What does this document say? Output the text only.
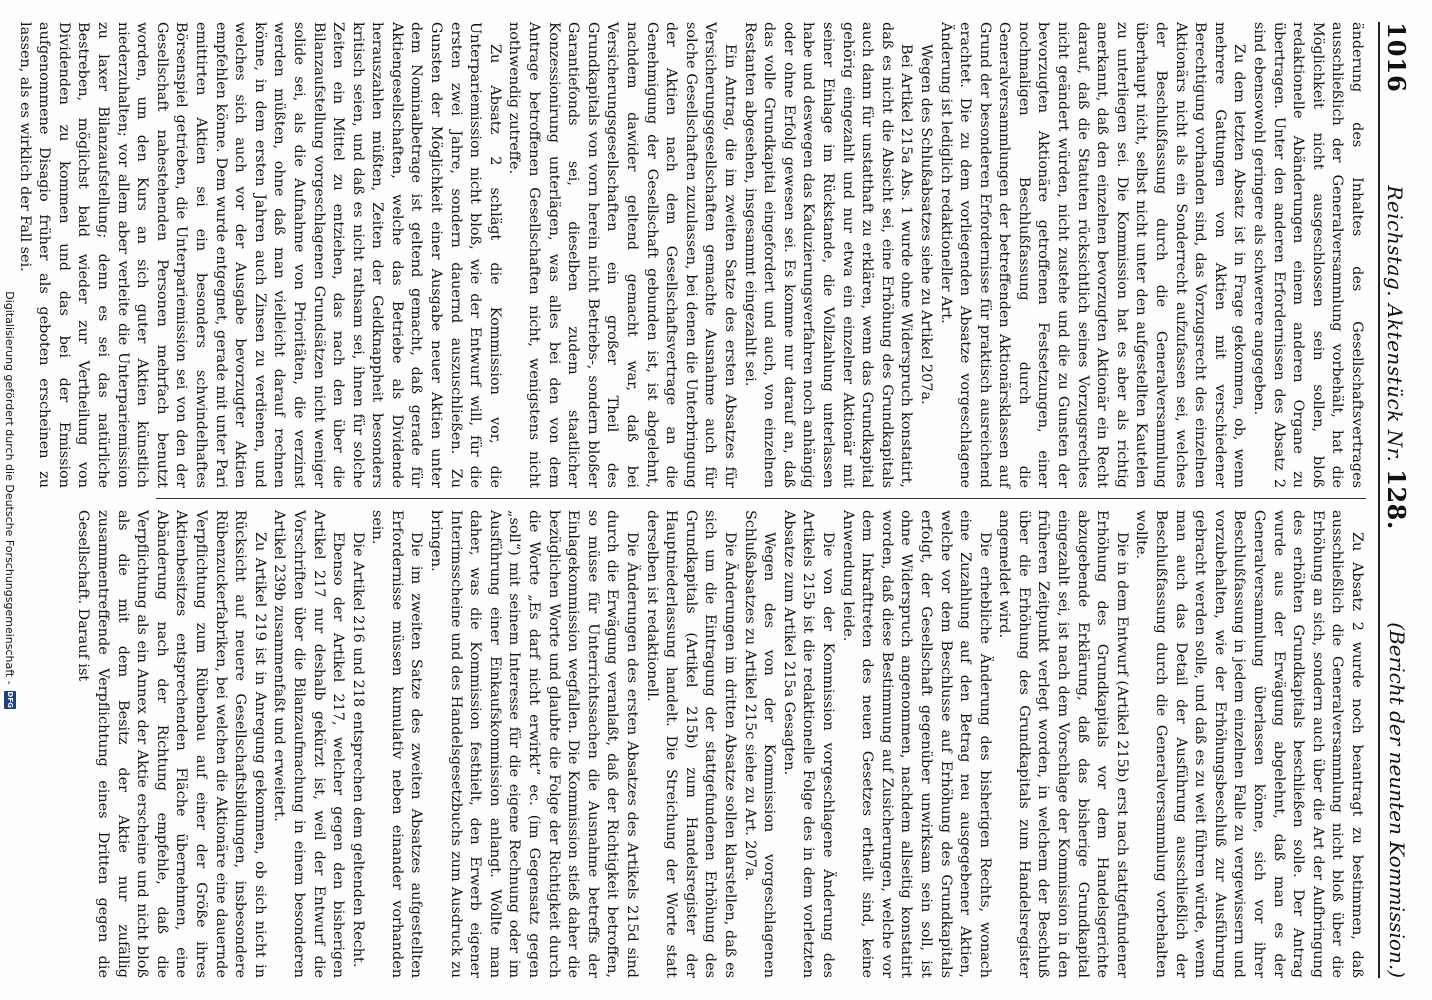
1016
Reichstag. Aktenstück Nr. 128.
(Bericht der neunten Kommission.)

änderung des Inhaltes des Gesellschaftsvertrages ausschließlich der Generalversammlung vorbehält, hat die Möglichkeit nicht ausgeschlossen sein sollen, bloß redaktionelle Abänderungen einem anderen Organe zu übertragen. Unter den anderen Erfordernissen des Absatz 2 sind ebensowohl geringere als schwerere angegeben.

Zu dem letzten Absatz ist in Frage gekommen, ob, wenn mehrere Gattungen von Aktien mit verschiedener Berechtigung vorhanden sind, das Vorzugsrecht des einzelnen Aktionärs nicht als ein Sonderrecht aufzufassen sei, welches der Beschlußfassung durch die Generalversammlung überhaupt nicht, selbst nicht unter den aufgestellten Kautelen zu unterliegen sei. Die Kommission hat es aber als richtig anerkannt, daß den einzelnen bevorzugten Aktionär ein Recht darauf, daß die Statuten rücksichtlich seines Vorzugsrechtes nicht geändert würden, nicht zustehe und die zu Gunsten der bevorzugten Aktionäre getroffenen Festsetzungen, einer nochmaligen Beschlußfassung durch die Generalversammlungen der betreffenden Aktionärsklassen auf Grund der besonderen Erfordernisse für praktisch ausreichend erachtet. Die zu dem vorliegenden Absatze vorgeschlagene Änderung ist lediglich redaktioneller Art.

Wegen des Schlußabsatzes siehe zu Artikel 207a.

Bei Artikel 215a Abs. 1 wurde ohne Widerspruch konstatirt, daß es nicht die Absicht sei, eine Erhöhung des Grundkapitals auch dann für unstatthaft zu erklären, wenn das Grundkapital gehörig eingezahlt und nur etwa ein einzelner Aktionär mit seiner Einlage im Rückstande, die Vollzahlung unterlassen habe und deswegen das Kaduzierungsverfahren noch anhängig oder ohne Erfolg gewesen sei. Es komme nur darauf an, daß das volle Grundkapital eingefordert und auch, von einzelnen Restanten abgesehen, insgesammt eingezahlt sei.

Ein Antrag, die im zweiten Satze des ersten Absatzes für Versicherungsgesellschaften gemachte Ausnahme auch für solche Gesellschaften zuzulassen, bei denen die Unterbringung der Aktien nach dem Gesellschaftsvertrage an die Genehmigung der Gesellschaft gebunden ist, ist abgelehnt, nachdem dawider geltend gemacht war, daß bei Versicherungsgesellschaften ein großer Theil des Grundkapitals von vorn herein nicht Betriebs-, sondern bloßer Garantiefonds sei, dieselben zudem staatlicher Konzessionirung unterlägen, was alles bei den von dem Antrage betroffenen Gesellschaften nicht, wenigstens nicht nothwendig zutreffe.

Zu Absatz 2 schlägt die Kommission vor, die Unterpariemission nicht bloß, wie der Entwurf will, für die ersten zwei Jahre, sondern dauernd auszuschließen. Zu Gunsten der Möglichkeit einer Ausgabe neuer Aktien unter dem Nominalbetrage ist geltend gemacht, daß gerade für Aktiengesellschaften, welche das Betriebe als Dividende herauszahlen müßten, Zeiten der Geldknappheit besonders kritisch seien, und daß es nicht rathsam sei, ihnen für solche Zeiten ein Mittel zu entziehen, das nach den über die Bilanzaufstellung vorgeschlagenen Grundsätzen nicht weniger solide sei, als die Aufnahme von Prioritäten, die verzinst werden müßten, ohne daß man vielleicht darauf rechnen könne, in dem ersten Jahren auch Zinsen zu verdienen, und welches sich auch vor der Ausgabe bevorzugter Aktien empfehlen könne. Dem wurde entgegnet, gerade mit unter Pari emittirten Aktien sei ein besonders schwindelhaftes Börsenspiel getrieben, die Unterpariemission sei von den der Gesellschaft nahestehenden Personen mehrfach benutzt worden, um den Kurs an sich guter Aktien künstlich niederzuhalten; vor allem aber verleite die Unterpariemission zu laxer Bilanzaufstellung; denn es sei das natürliche Bestreben, möglichst bald wieder zur Vertheilung von Dividenden zu kommen und das bei der Emission aufgenommene Disagio früher als geboten erscheinen zu lassen, als es wirklich der Fall sei.

Zu Absatz 2 wurde noch beantragt zu bestimmen, daß ausschließlich die Generalversammlung nicht bloß über die Erhöhung an sich, sondern auch über die Art der Aufbringung des erhöhten Grundkapitals beschließen solle. Der Antrag wurde aus der Erwägung abgelehnt, daß man es der Generalversammlung überlassen könne, sich vor ihrer Beschlußfassung in jedem einzelnen Falle zu vergewissern und vorzubehalten, wie der Erhöhungsbeschluß zur Ausführung gebracht werden solle, und daß es zu weit führen würde, wenn man auch das Detail der Ausführung ausschließlich der Beschlußfassung durch die Generalversammlung vorbehalten wollte.

Die in dem Entwurf (Artikel 215b) erst nach stattgefundener Erhöhung des Grundkapitals vor dem Handelsgerichte abzugebende Erklärung, daß das bisherige Grundkapital eingezahlt sei, ist nach dem Vorschlage der Kommission in den früheren Zeitpunkt verlegt worden, in welchem der Beschluß über die Erhöhung des Grundkapitals zum Handelsregister angemeldet wird.

Die erhebliche Änderung des bisherigen Rechts, wonach eine Zuzahlung auf den Betrag neu ausgegebener Aktien, welche vor dem Beschlusse auf Erhöhung des Grundkapitals erfolgt, der Gesellschaft gegenüber unwirksam sein soll, ist ohne Widerspruch angenommen, nachdem allseitig konstatirt worden, daß diese Bestimmung auf Zusicherungen, welche vor dem Inkrafttreten des neuen Gesetzes ertheilt sind, keine Anwendung leide.

Die von der Kommission vorgeschlagene Änderung des Artikels 215b ist die redaktionelle Folge des in dem vorletzten Absatze zum Artikel 215a Gesagten.

Wegen des von der Kommission vorgeschlagenen Schlußabsatzes zu Artikel 215c siehe zu Art. 207a.

Die Änderungen im dritten Absatze sollen klarstellen, daß es sich um die Eintragung der stattgefundenen Erhöhung des Grundkapitals (Artikel 215b) zum Handelsregister der Hauptniederlassung handelt. Die Streichung der Worte statt derselben ist redaktionell.

Die Änderungen des ersten Absatzes des Artikels 215d sind durch die Erwägung veranlaßt, daß der Richtigkeit betroffen, so müsse für Unterrichtssachen die Ausnahme betreffs der Einlagekommission wegfallen. Die Kommission stieß daher die bezüglichen Worte und glaubte die Folge der Richtigkeit durch die Worte „Es darf nicht erwirkt“ ec. (im Gegensatz gegen „soll“) mit seinem Interesse für die eigene Rechnung oder im Ausführung einer Einkaufskommission anlangt. Wollte man daher, was die Kommission festhielt, den Erwerb eigener Interimsscheine und des Handelsgesetzbuchs zum Ausdruck zu bringen.

Die im zweiten Satze des zweiten Absatzes aufgestellten Erfordernisse müssen kumulativ neben einander vorhanden sein.

Die Artikel 216 und 218 entsprechen dem geltenden Recht.

Ebenso der Artikel 217, welcher gegen den bisherigen Artikel 217 nur deshalb gekürzt ist, weil der Entwurf die Vorschriften über die Bilanzaufmachung in einem besonderen Artikel 239b zusammenfaßt und erweitert.

Zu Artikel 219 ist in Anregung gekommen, ob sich nicht in Rücksicht auf neuere Gesellschaftsbildungen, insbesondere Rübenzuckerfabriken, bei welchen die Aktionäre eine dauernde Verpflichtung zum Rübenbau auf einer der Größe ihres Aktienbesitzes entsprechenden Fläche übernehmen, eine Abänderung nach der Richtung empfehle, daß die Verpflichtung als ein Annex der Aktie erscheine und nicht bloß als die mit dem Besitz der Aktie nur zufällig zusammentreffende Verpflichtung eines Dritten gegen die Gesellschaft. Darauf ist

Digitalisierung gefördert durch die Deutsche Forschungsgemeinschaft -
DFG
